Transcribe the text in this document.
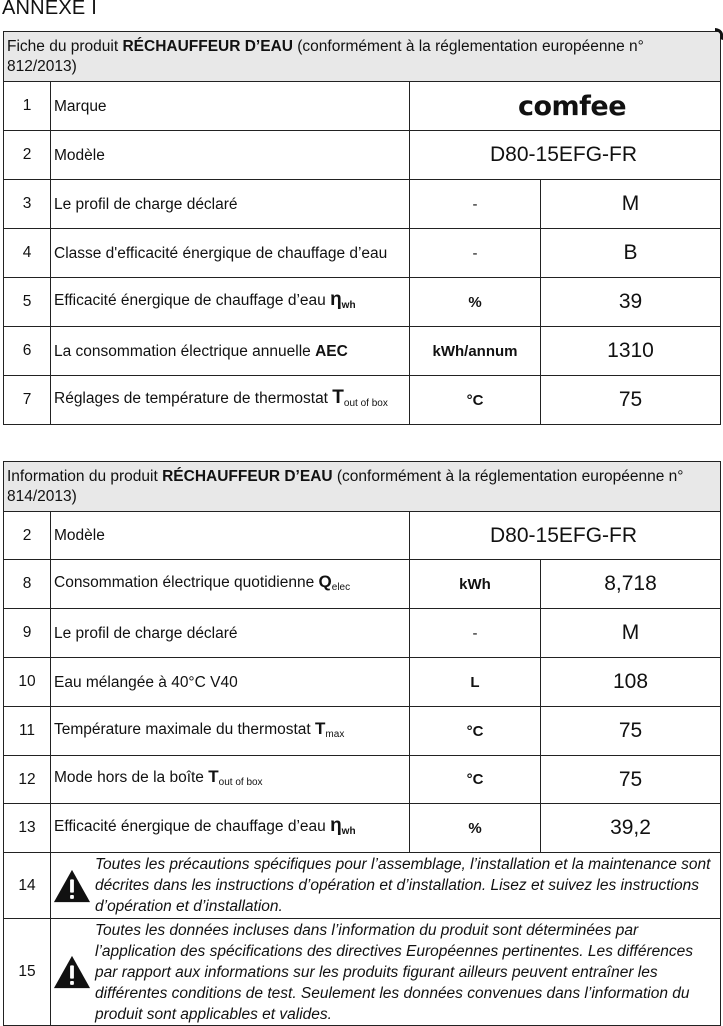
ANNEXE I
Fiche du produit RÉCHAUFFEUR D’EAU (conformément à la réglementation européenne n° 812/2013)			
1	Marque	comfee	

2	Modèle	D80-15EFG-FR	
3	Le profil de charge déclaré	-	M
4	Classe d'efficacité énergique de chauffage d’eau	-	B
5	Efficacité énergique de chauffage d’eau $\eta_{wh}$	%	39
6	La consommation électrique annuelle AEC	kWh/annum	1310
7	Réglages de température de thermostat $T_{out of box}$	°C	75
Information du produit RÉCHAUFFEUR D’EAU (conformément à la réglementation européenne n° 814/2013)			
2	Modèle	D80-15EFG-FR	
8	Consommation électrique quotidienne $Q_{elec}$	kWh	8,718
9	Le profil de charge déclaré	-	M
10	Eau mélangée à 40°C V40	L	108
11	Température maximale du thermostat $T_{max}$	°C	75
12	Mode hors de la boîte $T_{out of box}$	°C	75
13	Efficacité énergique de chauffage d’eau $\eta_{wh}$	%	39,2
14	Toutes les précautions spécifiques pour l’assemblage, l’installation et la maintenance sont décrites dans les instructions d’opération et d’installation. Lisez et suivez les instructions d’opération et d’installation.		

15	Toutes les données incluses dans l’information du produit sont déterminées par l’application des spécifications des directives Européennes pertinentes. Les différences par rapport aux informations sur les produits figurant ailleurs peuvent entraîner les différentes conditions de test. Seulement les données convenues dans l’information du produit sont applicables et valides.		
